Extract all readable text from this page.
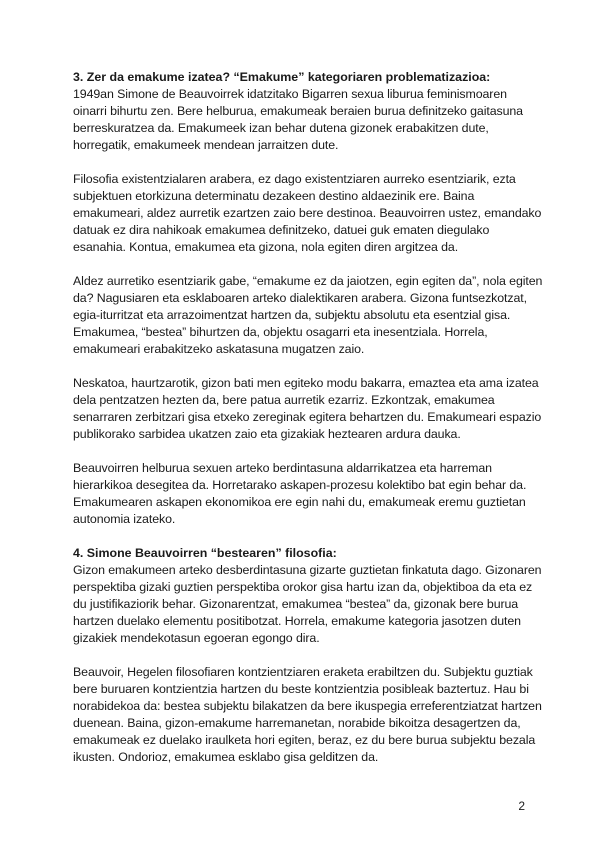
3. Zer da emakume izatea? “Emakume” kategoriaren problematizazioa:

1949an Simone de Beauvoirrek idatzitako Bigarren sexua liburua feminismoaren oinarri bihurtu zen. Bere helburua, emakumeak beraien burua definitzeko gaitasuna berreskuratzea da. Emakumeek izan behar dutena gizonek erabakitzen dute, horregatik, emakumeek mendean jarraitzen dute.

Filosofia existentzialaren arabera, ez dago existentziaren aurreko esentziarik, ezta subjektuen etorkizuna determinatu dezakeen destino aldaezinik ere. Baina emakumeari, aldez aurretik ezartzen zaio bere destinoa. Beauvoirren ustez, emandako datuak ez dira nahikoak emakumea definitzeko, datuei guk ematen diegulako esanahia. Kontua, emakumea eta gizona, nola egiten diren argitzea da.

Aldez aurretiko esentziarik gabe, “emakume ez da jaiotzen, egin egiten da”, nola egiten da? Nagusiaren eta esklaboaren arteko dialektikaren arabera. Gizona funtsezkotzat, egia-iturritzat eta arrazoimentzat hartzen da, subjektu absolutu eta esentzial gisa. Emakumea, “bestea” bihurtzen da, objektu osagarri eta inesentziala. Horrela, emakumeari erabakitzeko askatasuna mugatzen zaio.

Neskatoa, haurtzarotik, gizon bati men egiteko modu bakarra, emaztea eta ama izatea dela pentzatzen hezten da, bere patua aurretik ezarriz. Ezkontzak, emakumea senarraren zerbitzari gisa etxeko zereginak egitera behartzen du. Emakumeari espazio publikorako sarbidea ukatzen zaio eta gizakiak heztearen ardura dauka.

Beauvoirren helburua sexuen arteko berdintasuna aldarrikatzea eta harreman hierarkikoa desegitea da. Horretarako askapen-prozesu kolektibo bat egin behar da. Emakumearen askapen ekonomikoa ere egin nahi du, emakumeak eremu guztietan autonomia izateko.

4. Simone Beauvoirren “bestearen” filosofia:

Gizon emakumeen arteko desberdintasuna gizarte guztietan finkatuta dago. Gizonaren perspektiba gizaki guztien perspektiba orokor gisa hartu izan da, objektiboa da eta ez du justifikaziorik behar. Gizonarentzat, emakumea “bestea” da, gizonak bere burua hartzen duelako elementu positibotzat. Horrela, emakume kategoria jasotzen duten gizakiek mendekotasun egoeran egongo dira.

Beauvoir, Hegelen filosofiaren kontzientziaren eraketa erabiltzen du. Subjektu guztiak bere buruaren kontzientzia hartzen du beste kontzientzia posibleak baztertuz. Hau bi norabidekoa da: bestea subjektu bilakatzen da bere ikuspegia erreferentziatzat hartzen duenean. Baina, gizon-emakume harremanetan, norabide bikoitza desagertzen da, emakumeak ez duelako iraulketa hori egiten, beraz, ez du bere burua subjektu bezala ikusten. Ondorioz, emakumea esklabo gisa gelditzen da.

2
